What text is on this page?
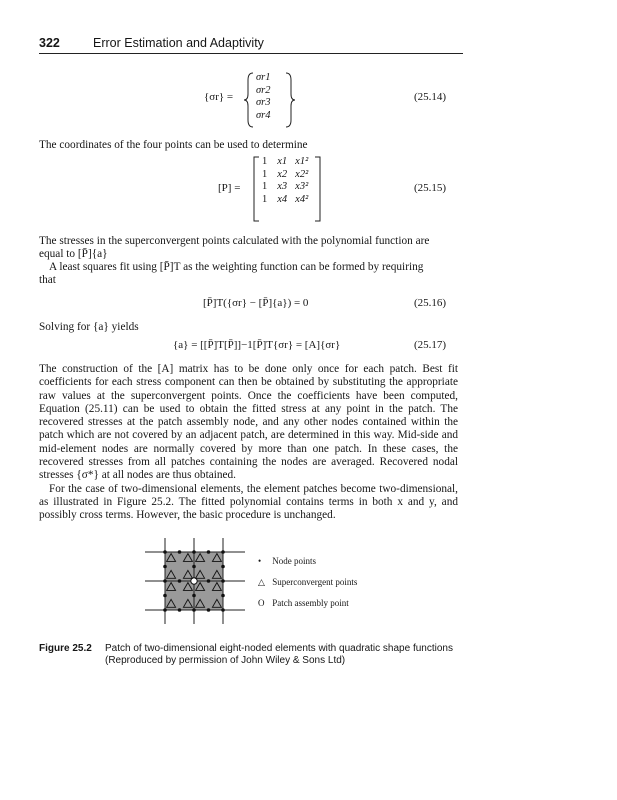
322	Error Estimation and Adaptivity
{σr} =
σr1
σr2
σr3
σr4
(25.14)
The coordinates of the four points can be used to determine
[P] =
1	x1	x1²
1	x2	x2²
1	x3	x3²
1	x4	x4²
(25.15)
The stresses in the superconvergent points calculated with the polynomial function are
equal to [P̄]{a}
A least squares fit using [P̄]T as the weighting function can be formed by requiring
that
[P̄]T({σr} − [P̄]{a}) = 0	(25.16)
Solving for {a} yields
{a} = [[P̄]T[P̄]]−1[P̄]T{σr} = [A]{σr}	(25.17)

The construction of the [A] matrix has to be done only once for each patch. Best fit coefficients for each stress component can then be obtained by substituting the appropriate raw values at the superconvergent points. Once the coefficients have been computed, Equation (25.11) can be used to obtain the fitted stress at any point in the patch. The recovered stresses at the patch assembly node, and any other nodes contained within the patch which are not covered by an adjacent patch, are determined in this way. Mid-side and mid-element nodes are normally covered by more than one patch. In these cases, the recovered stresses from all patches containing the nodes are averaged. Recovered nodal stresses {σ*} at all nodes are thus obtained.

For the case of two-dimensional elements, the element patches become two-dimensional, as illustrated in Figure 25.2. The fitted polynomial contains terms in both x and y, and possibly cross terms. However, the basic procedure is unchanged.

• Node points
△ Superconvergent points
O Patch assembly point
Figure 25.2 Patch of two-dimensional eight-noded elements with quadratic shape functions (Reproduced by permission of John Wiley & Sons Ltd)
